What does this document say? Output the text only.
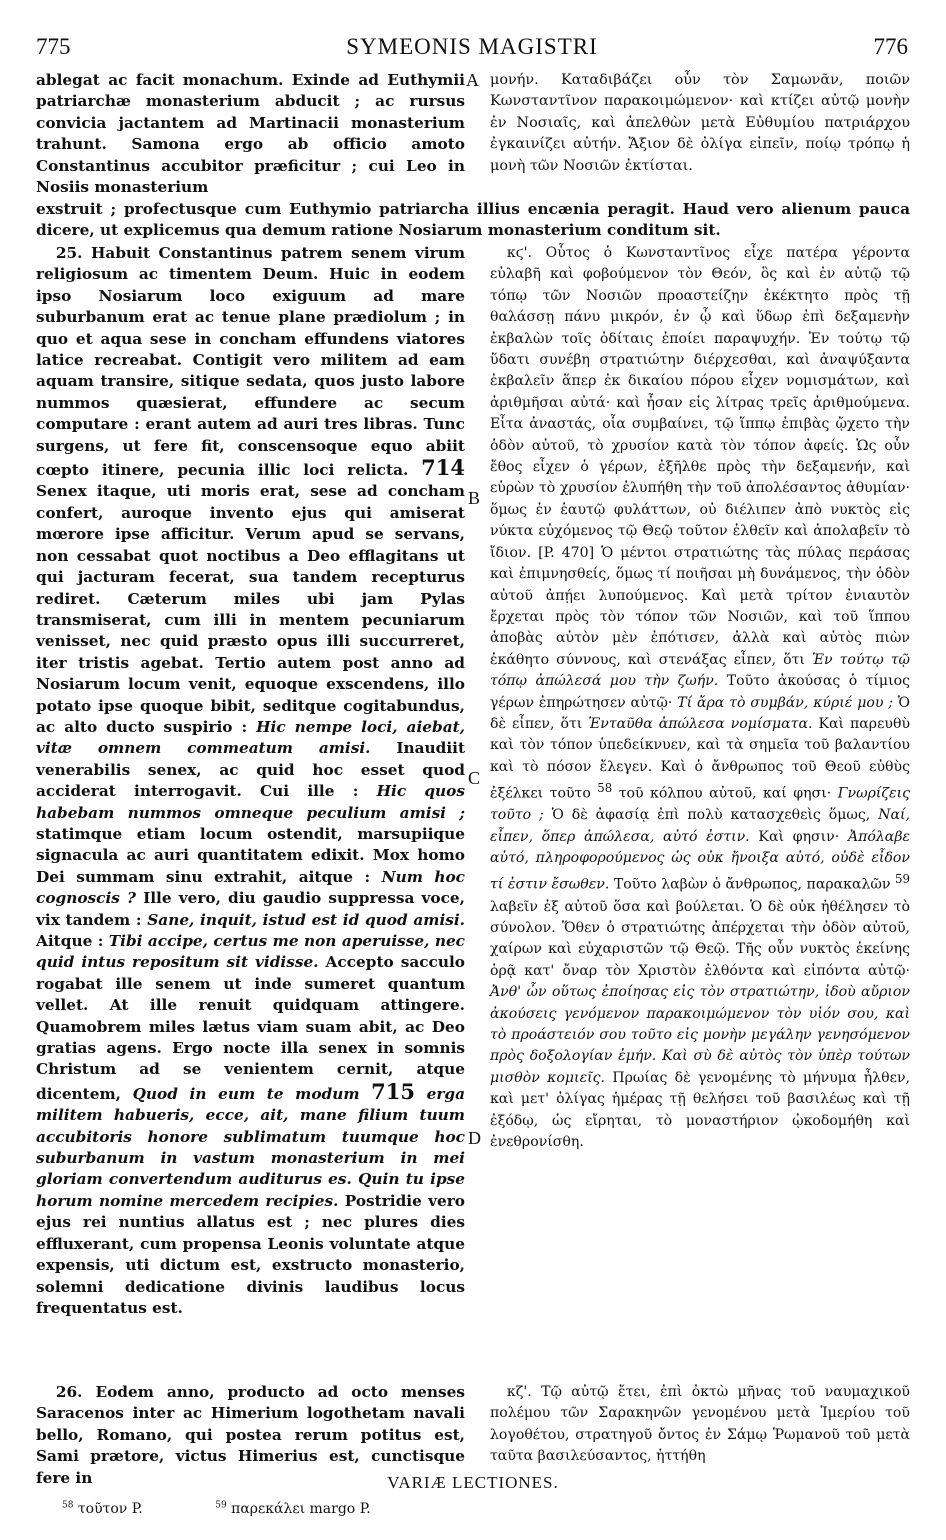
775	SYMEONIS MAGISTRI	776

ablegat ac facit monachum. Exinde ad Euthymii patriarchæ monasterium abducit ; ac rursus convicia jactantem ad Martinacii monasterium trahunt. Samona ergo ab officio amoto Constantinus accubitor præficitur ; cui Leo in Nosiis monasterium

μονήν. Καταδιβάζει οὖν τὸν Σαμωνᾶν, ποιῶν Κωνσταντῖνον παρακοιμώμενον· καὶ κτίζει αὐτῷ μονὴν ἐν Νοσιαῖς, καὶ ἀπελθὼν μετὰ Εὐθυμίου πατριάρχου ἐγκαινίζει αὐτήν. Ἄξιον δὲ ὀλίγα εἰπεῖν, ποίῳ τρόπῳ ἡ μονὴ τῶν Νοσιῶν ἐκτίσται.

A

exstruit ; profectusque cum Euthymio patriarcha illius encænia peragit. Haud vero alienum pauca dicere, ut explicemus qua demum ratione Nosiarum monasterium conditum sit.

25. Habuit Constantinus patrem senem virum religiosum ac timentem Deum. Huic in eodem ipso Nosiarum loco exiguum ad mare suburbanum erat ac tenue plane prædiolum ; in quo et aqua sese in concham effundens viatores latice recreabat. Contigit vero militem ad eam aquam transire, sitique sedata, quos justo labore nummos quæsierat, effundere ac secum computare : erant autem ad auri tres libras. Tunc surgens, ut fere fit, conscensoque equo abiit cœpto itinere, pecunia illic loci relicta. 714 Senex itaque, uti moris erat, sese ad concham confert, auroque invento ejus qui amiserat mœrore ipse afficitur. Verum apud se servans, non cessabat quot noctibus a Deo efflagitans ut qui jacturam fecerat, sua tandem recepturus rediret. Cæterum miles ubi jam Pylas transmiserat, cum illi in mentem pecuniarum venisset, nec quid præsto opus illi succurreret, iter tristis agebat. Tertio autem post anno ad Nosiarum locum venit, equoque exscendens, illo potato ipse quoque bibit, seditque cogitabundus, ac alto ducto suspirio : Hic nempe loci, aiebat, vitæ omnem commeatum amisi. Inaudiit venerabilis senex, ac quid hoc esset quod acciderat interrogavit. Cui ille : Hic quos habebam nummos omneque peculium amisi ; statimque etiam locum ostendit, marsupiique signacula ac auri quantitatem edixit. Mox homo Dei summam sinu extrahit, aitque : Num hoc cognoscis ? Ille vero, diu gaudio suppressa voce, vix tandem : Sane, inquit, istud est id quod amisi. Aitque : Tibi accipe, certus me non aperuisse, nec quid intus repositum sit vidisse. Accepto sacculo rogabat ille senem ut inde sumeret quantum vellet. At ille renuit quidquam attingere. Quamobrem miles lætus viam suam abit, ac Deo gratias agens. Ergo nocte illa senex in somnis Christum ad se venientem cernit, atque dicentem, Quod in eum te modum 715 erga militem habueris, ecce, ait, mane filium tuum accubitoris honore sublimatum tuumque hoc suburbanum in vastum monasterium in mei gloriam convertendum auditurus es. Quin tu ipse horum nomine mercedem recipies. Postridie vero ejus rei nuntius allatus est ; nec plures dies effluxerant, cum propensa Leonis voluntate atque expensis, uti dictum est, exstructo monasterio, solemni dedicatione divinis laudibus locus frequentatus est.

κϛ'. Οὗτος ὁ Κωνσταντῖνος εἶχε πατέρα γέροντα εὐλαβῆ καὶ φοβούμενον τὸν Θεόν, ὃς καὶ ἐν αὐτῷ τῷ τόπῳ τῶν Νοσιῶν προαστείζην ἐκέκτητο πρὸς τῇ θαλάσσῃ πάνυ μικρόν, ἐν ᾧ καὶ ὕδωρ ἐπὶ δεξαμενὴν ἐκβαλὼν τοῖς ὁδίταις ἐποίει παραψυχήν. Ἐν τούτῳ τῷ ὕδατι συνέβη στρατιώτην διέρχεσθαι, καὶ ἀναψύξαντα ἐκβαλεῖν ἅπερ ἐκ δικαίου πόρου εἶχεν νομισμάτων, καὶ ἀριθμῆσαι αὐτά· καὶ ἦσαν εἰς λίτρας τρεῖς ἀριθμούμενα. Εἶτα ἀναστάς, οἷα συμβαίνει, τῷ ἵππῳ ἐπιβὰς ᾤχετο τὴν ὁδὸν αὐτοῦ, τὸ χρυσίον κατὰ τὸν τόπον ἀφείς. Ὡς οὖν ἔθος εἶχεν ὁ γέρων, ἐξῆλθε πρὸς τὴν δεξαμενήν, καὶ εὑρὼν τὸ χρυσίον ἐλυπήθη τὴν τοῦ ἀπολέσαντος ἀθυμίαν· ὅμως ἐν ἑαυτῷ φυλάττων, οὐ διέλιπεν ἀπὸ νυκτὸς εἰς νύκτα εὐχόμενος τῷ Θεῷ τοῦτον ἐλθεῖν καὶ ἀπολαβεῖν τὸ ἴδιον. [P. 470] Ὁ μέντοι στρατιώτης τὰς πύλας περάσας καὶ ἐπιμνησθείς, ὅμως τί ποιῆσαι μὴ δυνάμενος, τὴν ὁδὸν αὐτοῦ ἀπῄει λυπούμενος. Καὶ μετὰ τρίτον ἐνιαυτὸν ἔρχεται πρὸς τὸν τόπον τῶν Νοσιῶν, καὶ τοῦ ἵππου ἀποβὰς αὐτὸν μὲν ἐπότισεν, ἀλλὰ καὶ αὐτὸς πιὼν ἐκάθητο σύννους, καὶ στενάξας εἶπεν, ὅτι Ἐν τούτῳ τῷ τόπῳ ἀπώλεσά μου τὴν ζωήν. Τοῦτο ἀκούσας ὁ τίμιος γέρων ἐπηρώτησεν αὐτῷ· Τί ἄρα τὸ συμβάν, κύριέ μου ; Ὁ δὲ εἶπεν, ὅτι Ἐνταῦθα ἀπώλεσα νομίσματα. Καὶ παρευθὺ καὶ τὸν τόπον ὑπεδείκνυεν, καὶ τὰ σημεῖα τοῦ βαλαντίου καὶ τὸ πόσον ἔλεγεν. Καὶ ὁ ἄνθρωπος τοῦ Θεοῦ εὐθὺς ἐξέλκει τοῦτο $^{58}$ τοῦ κόλπου αὐτοῦ, καί φησι· Γνωρίζεις τοῦτο ; Ὁ δὲ ἀφασίᾳ ἐπὶ πολὺ κατασχεθεὶς ὅμως, Ναί, εἶπεν, ὅπερ ἀπώλεσα, αὐτό ἐστιν. Καὶ φησιν· Ἀπόλαβε αὐτό, πληροφορούμενος ὡς οὐκ ἤνοιξα αὐτό, οὐδὲ εἶδον τί ἐστιν ἔσωθεν. Τοῦτο λαβὼν ὁ ἄνθρωπος, παρακαλῶν $^{59}$ λαβεῖν ἐξ αὐτοῦ ὅσα καὶ βούλεται. Ὁ δὲ οὐκ ἠθέλησεν τὸ σύνολον. Ὅθεν ὁ στρατιώτης ἀπέρχεται τὴν ὁδὸν αὐτοῦ, χαίρων καὶ εὐχαριστῶν τῷ Θεῷ. Τῆς οὖν νυκτὸς ἐκείνης ὁρᾷ κατ' ὄναρ τὸν Χριστὸν ἐλθόντα καὶ εἰπόντα αὐτῷ· Ἀνθ' ὧν οὕτως ἐποίησας εἰς τὸν στρατιώτην, ἰδοὺ αὔριον ἀκούσεις γενόμενον παρακοιμώμενον τὸν υἱόν σου, καὶ τὸ προάστειόν σου τοῦτο εἰς μονὴν μεγάλην γενησόμενον πρὸς δοξολογίαν ἐμήν. Καὶ σὺ δὲ αὐτὸς τὸν ὑπὲρ τούτων μισθὸν κομιεῖς. Πρωίας δὲ γενομένης τὸ μήνυμα ἦλθεν, καὶ μετ' ὀλίγας ἡμέρας τῇ θελήσει τοῦ βασιλέως καὶ τῇ ἐξόδῳ, ὡς εἴρηται, τὸ μοναστήριον ᾠκοδομήθη καὶ ἐνεθρονίσθη.

B
C
D

26. Eodem anno, producto ad octo menses Saracenos inter ac Himerium logothetam navali bello, Romano, qui postea rerum potitus est, Sami prætore, victus Himerius est, cunctisque fere in

κζ'. Τῷ αὐτῷ ἔτει, ἐπὶ ὀκτὼ μῆνας τοῦ ναυμαχικοῦ πολέμου τῶν Σαρακηνῶν γενομένου μετὰ Ἱμερίου τοῦ λογοθέτου, στρατηγοῦ ὄντος ἐν Σάμῳ Ῥωμανοῦ τοῦ μετὰ ταῦτα βασιλεύσαντος, ἡττήθη

VARIÆ LECTIONES.
$^{58}$ τοῦτον P.	$^{59}$ παρεκάλει margo P.
